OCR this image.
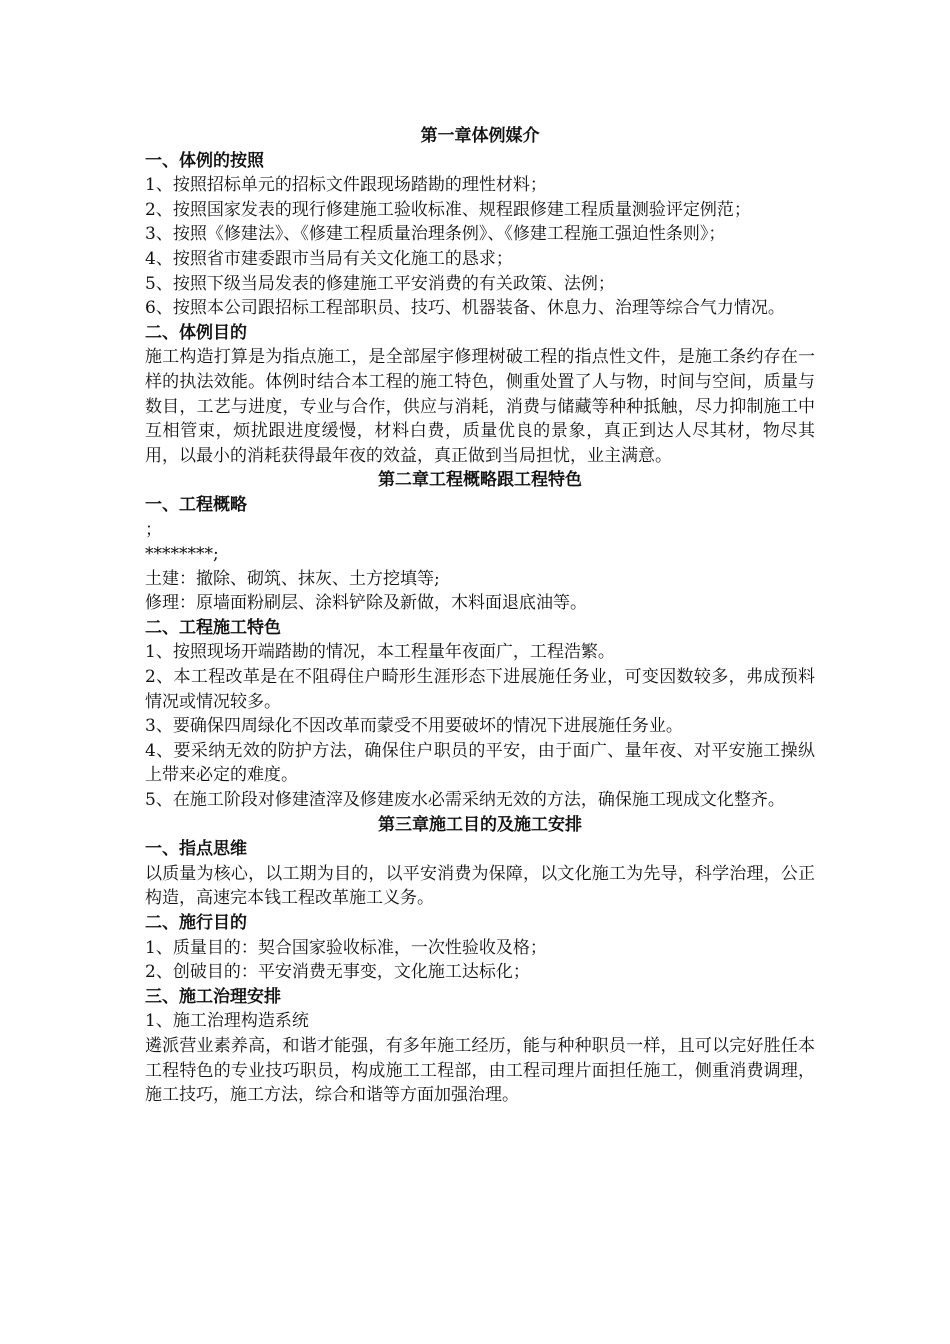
第一章体例媒介

一、体例的按照

1、按照招标单元的招标文件跟现场踏勘的理性材料；

2、按照国家发表的现行修建施工验收标准、规程跟修建工程质量测验评定例范；

3、按照《修建法》、《修建工程质量治理条例》、《修建工程施工强迫性条则》；

4、按照省市建委跟市当局有关文化施工的恳求；

5、按照下级当局发表的修建施工平安消费的有关政策、法例；

6、按照本公司跟招标工程部职员、技巧、机器装备、休息力、治理等综合气力情况。

二、体例目的

施工构造打算是为指点施工，是全部屋宇修理树破工程的指点性文件，是施工条约存在一样的执法效能。体例时结合本工程的施工特色，侧重处置了人与物，时间与空间，质量与数目，工艺与进度，专业与合作，供应与消耗，消费与储藏等种种抵触，尽力抑制施工中互相管束，烦扰跟进度缓慢，材料白费，质量优良的景象，真正到达人尽其材，物尽其用，以最小的消耗获得最年夜的效益，真正做到当局担忧，业主满意。

第二章工程概略跟工程特色

一、工程概略

；

********;

土建：撤除、砌筑、抹灰、土方挖填等;

修理：原墙面粉刷层、涂料铲除及新做，木料面退底油等。

二、工程施工特色

1、按照现场开端踏勘的情况，本工程量年夜面广，工程浩繁。

2、本工程改革是在不阻碍住户畸形生涯形态下进展施任务业，可变因数较多，弗成预料情况或情况较多。

3、要确保四周绿化不因改革而蒙受不用要破坏的情况下进展施任务业。

4、要采纳无效的防护方法，确保住户职员的平安，由于面广、量年夜、对平安施工操纵上带来必定的难度。

5、在施工阶段对修建渣滓及修建废水必需采纳无效的方法，确保施工现成文化整齐。

第三章施工目的及施工安排

一、指点思维

以质量为核心，以工期为目的，以平安消费为保障，以文化施工为先导，科学治理，公正构造，高速完本钱工程改革施工义务。

二、施行目的

1、质量目的：契合国家验收标准，一次性验收及格；

2、创破目的：平安消费无事变，文化施工达标化；

三、施工治理安排

1、施工治理构造系统

遴派营业素养高，和谐才能强，有多年施工经历，能与种种职员一样，且可以完好胜任本工程特色的专业技巧职员，构成施工工程部，由工程司理片面担任施工，侧重消费调理，施工技巧，施工方法，综合和谐等方面加强治理。
